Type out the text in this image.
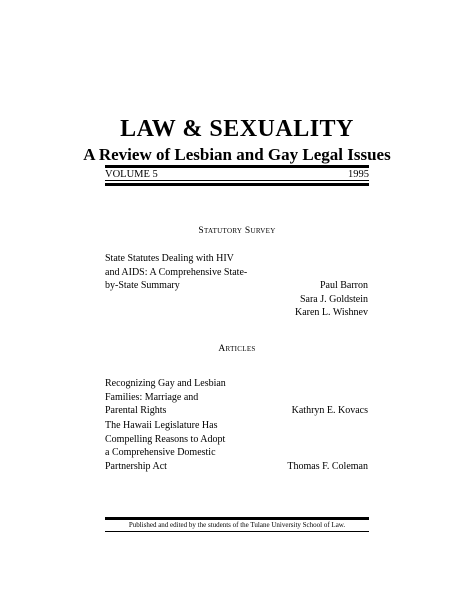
LAW & SEXUALITY
A Review of Lesbian and Gay Legal Issues
VOLUME 5	1995
Statutory Survey
State Statutes Dealing with HIV
and AIDS: A Comprehensive State-
by-State Summary	Paul Barron
Sara J. Goldstein
Karen L. Wishnev
Articles
Recognizing Gay and Lesbian
Families: Marriage and
Parental Rights	Kathryn E. Kovacs
The Hawaii Legislature Has
Compelling Reasons to Adopt
a Comprehensive Domestic
Partnership Act	Thomas F. Coleman
Published and edited by the students of the Tulane University School of Law.
